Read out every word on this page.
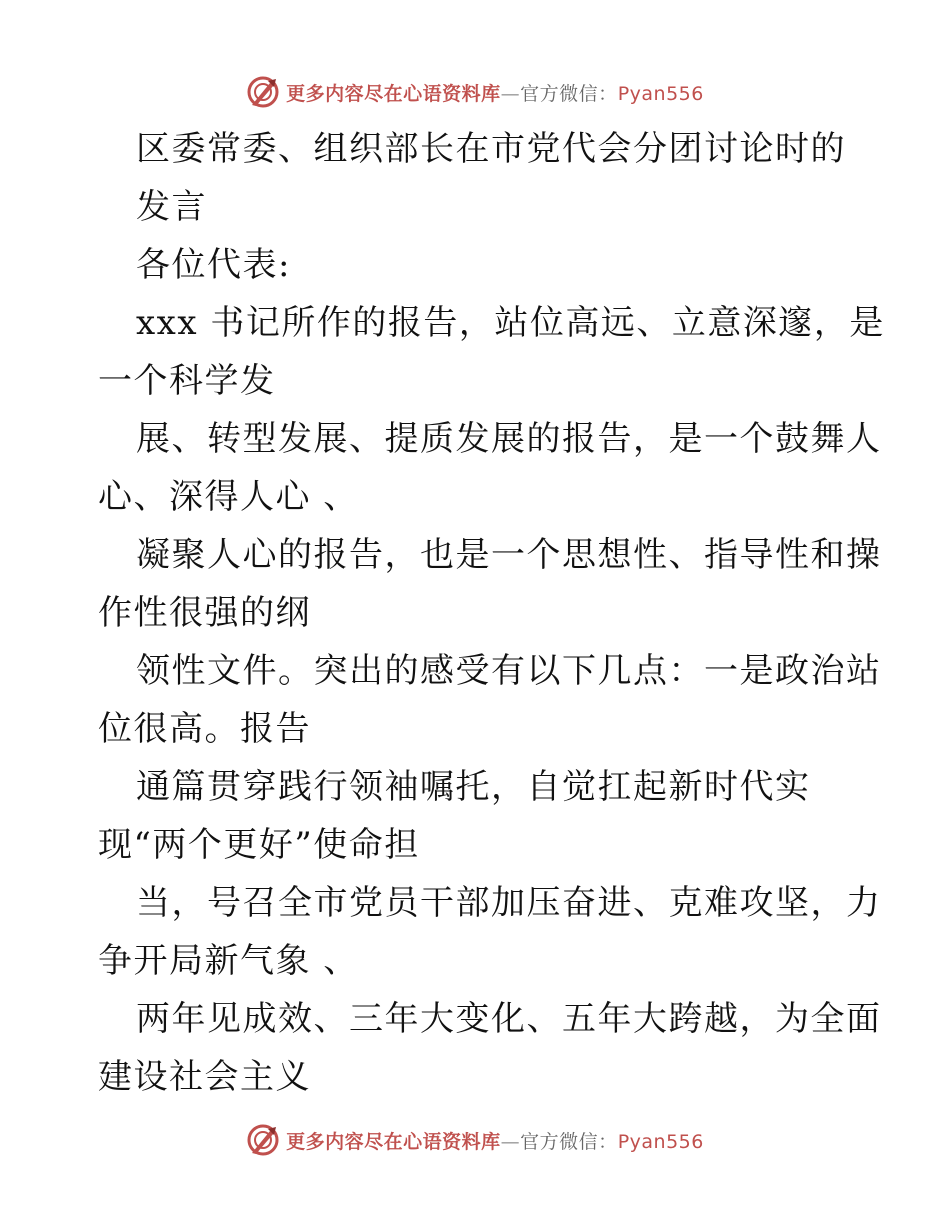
更多内容尽在心语资料库—官方微信：Pyan556
区委常委、组织部长在市党代会分团讨论时的
发言
各位代表:
xxx 书记所作的报告，站位高远、立意深邃，是
一个科学发
展、转型发展、提质发展的报告，是一个鼓舞人
心、深得人心 、
凝聚人心的报告，也是一个思想性、指导性和操
作性很强的纲
领性文件。突出的感受有以下几点：一是政治站
位很高。报告
通篇贯穿践行领袖嘱托，自觉扛起新时代实
现“两个更好”使命担
当，号召全市党员干部加压奋进、克难攻坚，力
争开局新气象 、
两年见成效、三年大变化、五年大跨越，为全面
建设社会主义
更多内容尽在心语资料库—官方微信：Pyan556
